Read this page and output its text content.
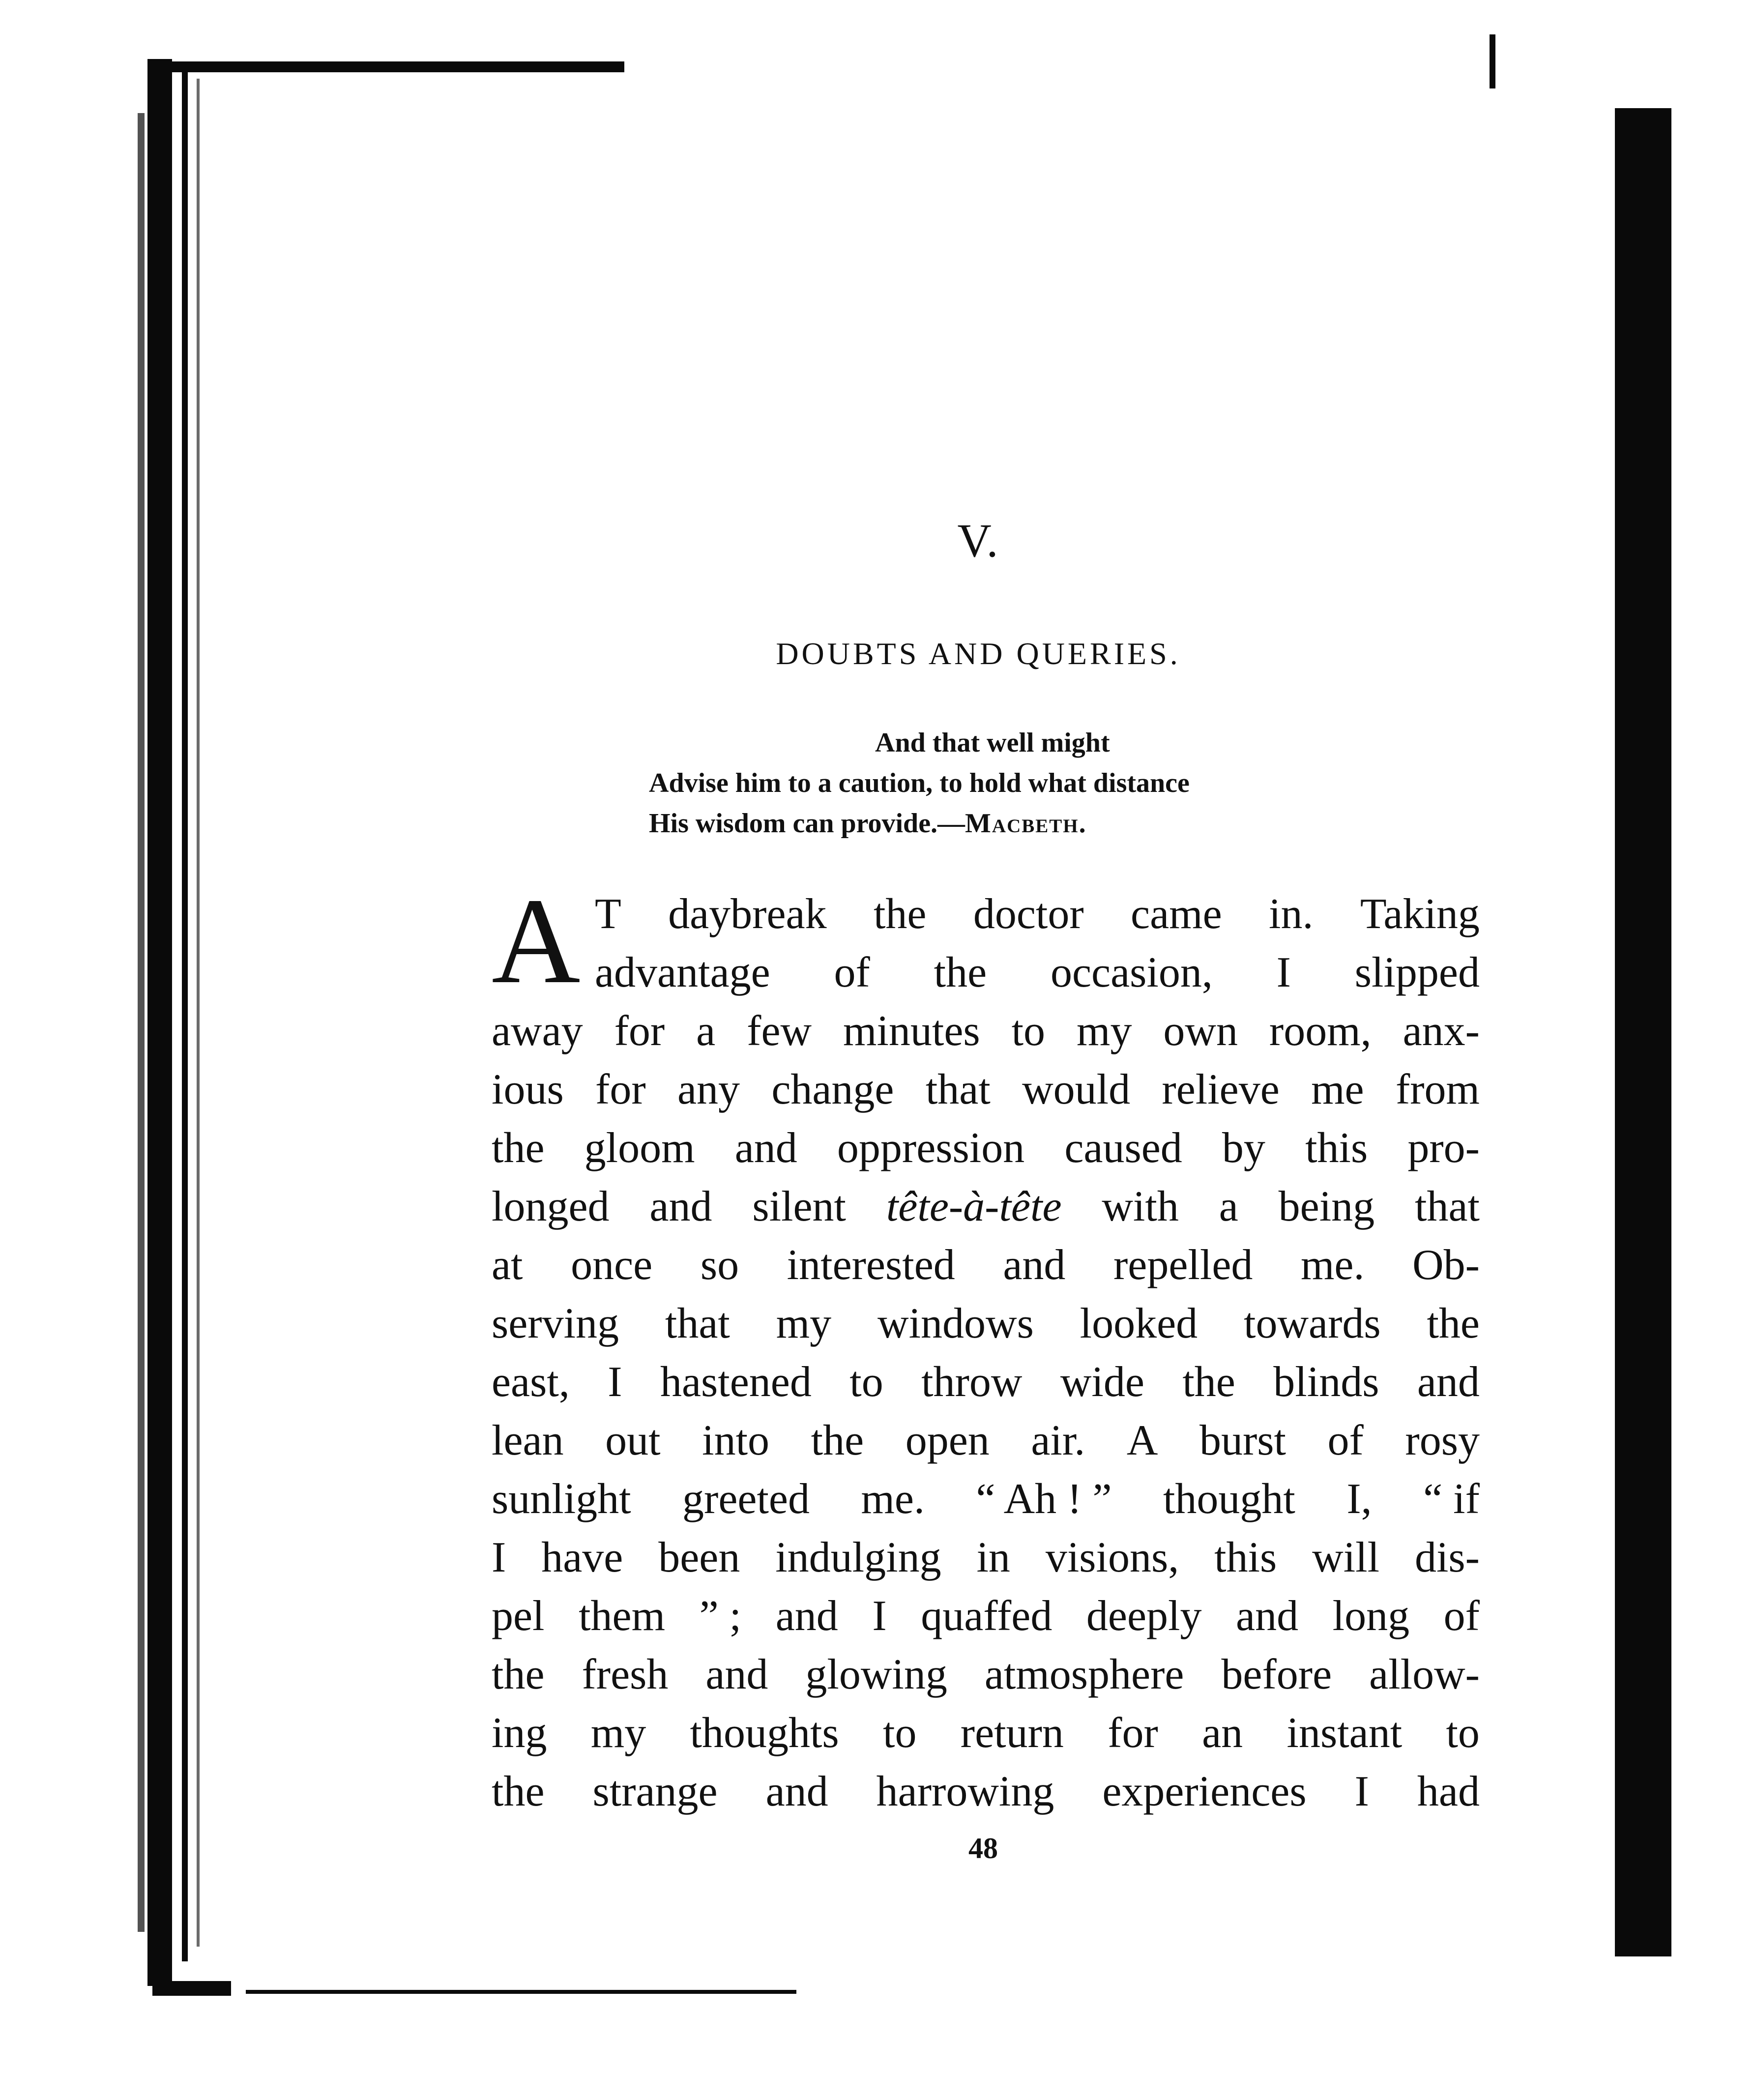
V.
DOUBTS AND QUERIES.
And that well might
Advise him to a caution, to hold what distance
His wisdom can provide.—Macbeth.
A T daybreak the doctor came in. Taking
advantage of the occasion, I slipped
away for a few minutes to my own room, anx-
ious for any change that would relieve me from
the gloom and oppression caused by this pro-
longed and silent tête-à-tête with a being that
at once so interested and repelled me. Ob-
serving that my windows looked towards the
east, I hastened to throw wide the blinds and
lean out into the open air. A burst of rosy
sunlight greeted me. “ Ah ! ” thought I, “ if
I have been indulging in visions, this will dis-
pel them ” ; and I quaffed deeply and long of
the fresh and glowing atmosphere before allow-
ing my thoughts to return for an instant to
the strange and harrowing experiences I had
48
